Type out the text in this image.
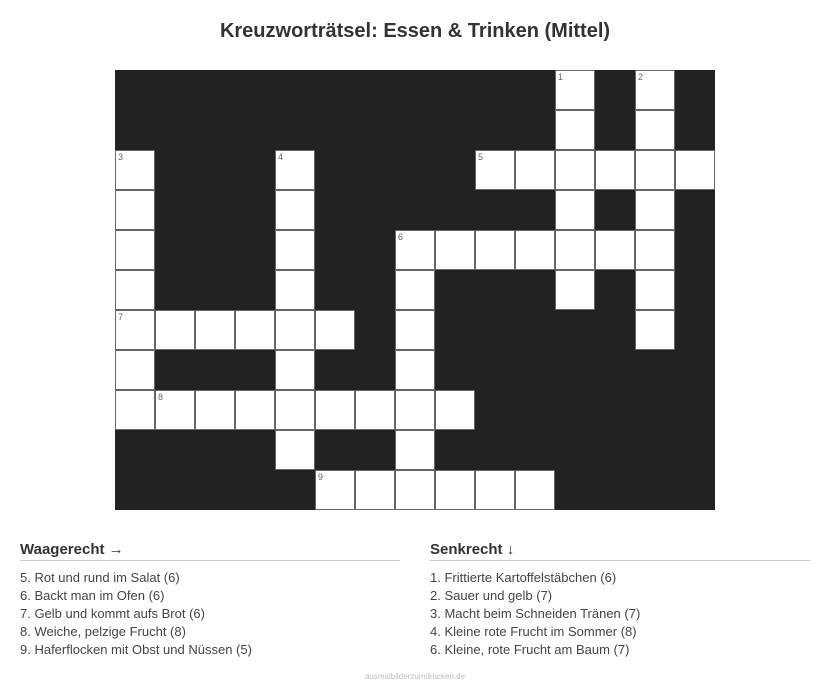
Kreuzworträtsel: Essen & Trinken (Mittel)
1	2
3	4	5
6
7
8
9
Waagerecht →
5. Rot und rund im Salat (6)
6. Backt man im Ofen (6)
7. Gelb und kommt aufs Brot (6)
8. Weiche, pelzige Frucht (8)
9. Haferflocken mit Obst und Nüssen (5)
Senkrecht ↓
1. Frittierte Kartoffelstäbchen (6)
2. Sauer und gelb (7)
3. Macht beim Schneiden Tränen (7)
4. Kleine rote Frucht im Sommer (8)
6. Kleine, rote Frucht am Baum (7)
ausmalbilderzumdrucken.de
